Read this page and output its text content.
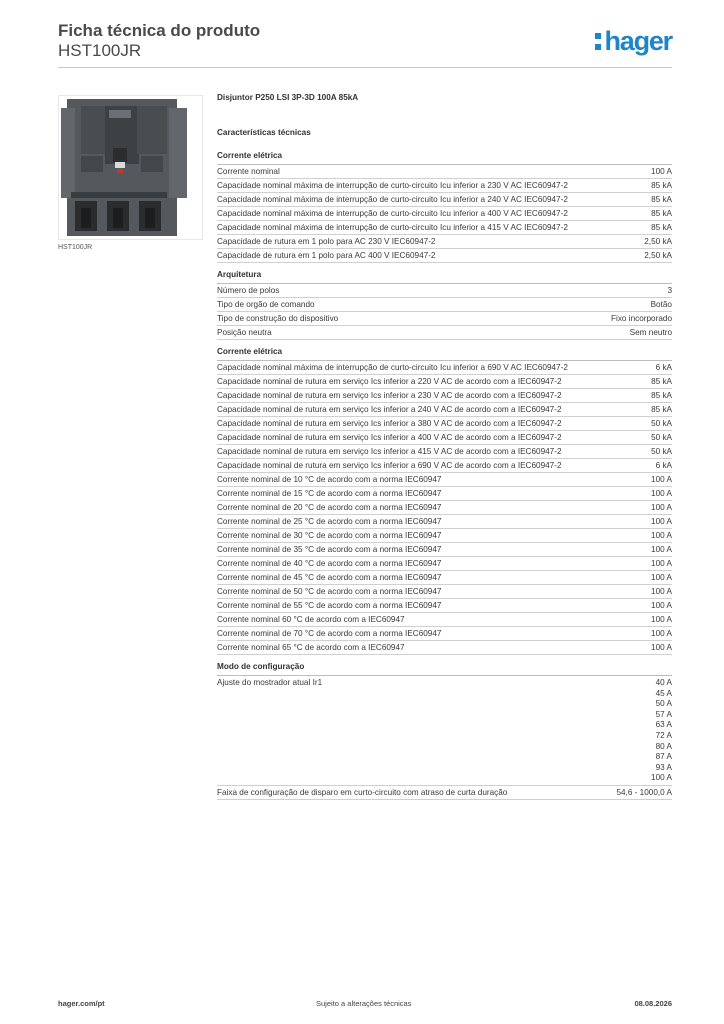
Ficha técnica do produto
HST100JR	hager
HST100JR
Disjuntor P250 LSI 3P-3D 100A 85kA
Características técnicas
Corrente elétrica
Corrente nominal	100 A
Capacidade nominal máxima de interrupção de curto-circuito Icu inferior a 230 V AC IEC60947-2	85 kA
Capacidade nominal máxima de interrupção de curto-circuito Icu inferior a 240 V AC IEC60947-2	85 kA
Capacidade nominal máxima de interrupção de curto-circuito Icu inferior a 400 V AC IEC60947-2	85 kA
Capacidade nominal máxima de interrupção de curto-circuito Icu inferior a 415 V AC IEC60947-2	85 kA
Capacidade de rutura em 1 polo para AC 230 V IEC60947-2	2,50 kA
Capacidade de rutura em 1 polo para AC 400 V IEC60947-2	2,50 kA
Arquitetura
Número de polos	3
Tipo de orgão de comando	Botão
Tipo de construção do dispositivo	Fixo incorporado
Posição neutra	Sem neutro
Corrente elétrica
Capacidade nominal máxima de interrupção de curto-circuito Icu inferior a 690 V AC IEC60947-2	6 kA
Capacidade nominal de rutura em serviço Ics inferior a 220 V AC de acordo com a IEC60947-2	85 kA
Capacidade nominal de rutura em serviço Ics inferior a 230 V AC de acordo com a IEC60947-2	85 kA
Capacidade nominal de rutura em serviço Ics inferior a 240 V AC de acordo com a IEC60947-2	85 kA
Capacidade nominal de rutura em serviço Ics inferior a 380 V AC de acordo com a IEC60947-2	50 kA
Capacidade nominal de rutura em serviço Ics inferior a 400 V AC de acordo com a IEC60947-2	50 kA
Capacidade nominal de rutura em serviço Ics inferior a 415 V AC de acordo com a IEC60947-2	50 kA
Capacidade nominal de rutura em serviço Ics inferior a 690 V AC de acordo com a IEC60947-2	6 kA
Corrente nominal de 10 °C de acordo com a norma IEC60947	100 A
Corrente nominal de 15 °C de acordo com a norma IEC60947	100 A
Corrente nominal de 20 °C de acordo com a norma IEC60947	100 A
Corrente nominal de 25 °C de acordo com a norma IEC60947	100 A
Corrente nominal de 30 °C de acordo com a norma IEC60947	100 A
Corrente nominal de 35 °C de acordo com a norma IEC60947	100 A
Corrente nominal de 40 °C de acordo com a norma IEC60947	100 A
Corrente nominal de 45 °C de acordo com a norma IEC60947	100 A
Corrente nominal de 50 °C de acordo com a norma IEC60947	100 A
Corrente nominal de 55 °C de acordo com a norma IEC60947	100 A
Corrente nominal 60 °C de acordo com a IEC60947	100 A
Corrente nominal de 70 °C de acordo com a norma IEC60947	100 A
Corrente nominal 65 °C de acordo com a IEC60947	100 A
Modo de configuração
Ajuste do mostrador atual Ir1	40 A
45 A
50 A
57 A
63 A
72 A
80 A
87 A
93 A
100 A
Faixa de configuração de disparo em curto-circuito com atraso de curta duração	54,6 - 1000,0 A
hager.com/pt	Sujeito a alterações técnicas	08.08.2026
